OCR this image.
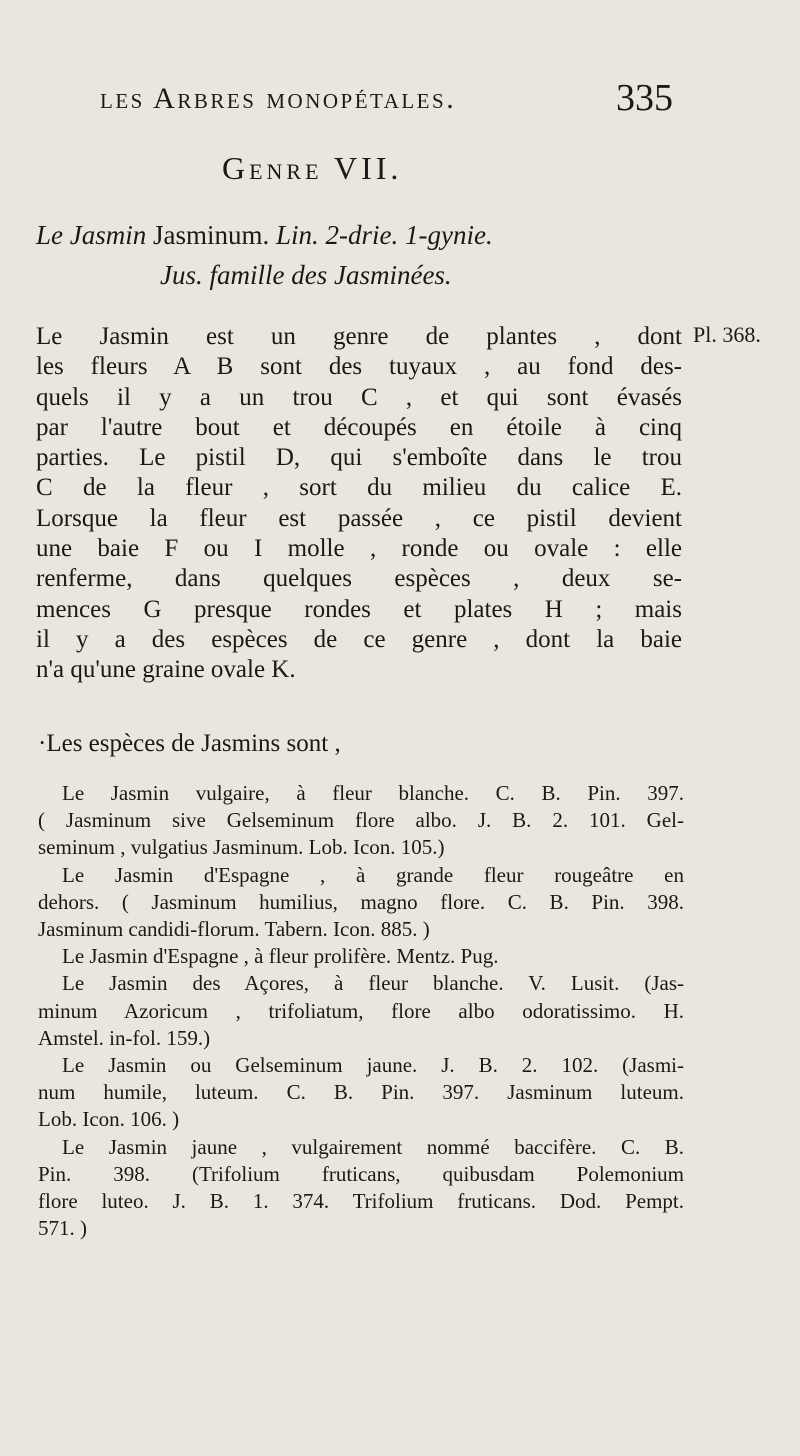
les Arbres monopétales.	335
Genre VII.
Le Jasmin Jasminum. Lin. 2-drie. 1-gynie.
Jus. famille des Jasminées.
Pl. 368.
Le Jasmin est un genre de plantes , dont
les fleurs A B sont des tuyaux , au fond des-
quels il y a un trou C , et qui sont évasés
par l'autre bout et découpés en étoile à cinq
parties. Le pistil D, qui s'emboîte dans le trou
C de la fleur , sort du milieu du calice E.
Lorsque la fleur est passée , ce pistil devient
une baie F ou I molle , ronde ou ovale : elle
renferme, dans quelques espèces , deux se-
mences G presque rondes et plates H ; mais
il y a des espèces de ce genre , dont la baie
n'a qu'une graine ovale K.
·Les espèces de Jasmins sont ,
Le Jasmin vulgaire, à fleur blanche. C. B. Pin. 397.
( Jasminum sive Gelseminum flore albo. J. B. 2. 101. Gel-
seminum , vulgatius Jasminum. Lob. Icon. 105.)
Le Jasmin d'Espagne , à grande fleur rougeâtre en
dehors. ( Jasminum humilius, magno flore. C. B. Pin. 398.
Jasminum candidi-florum. Tabern. Icon. 885. )
Le Jasmin d'Espagne , à fleur prolifère. Mentz. Pug.
Le Jasmin des Açores, à fleur blanche. V. Lusit. (Jas-
minum Azoricum , trifoliatum, flore albo odoratissimo. H.
Amstel. in-fol. 159.)
Le Jasmin ou Gelseminum jaune. J. B. 2. 102. (Jasmi-
num humile, luteum. C. B. Pin. 397. Jasminum luteum.
Lob. Icon. 106. )
Le Jasmin jaune , vulgairement nommé baccifère. C. B.
Pin. 398. (Trifolium fruticans, quibusdam Polemonium
flore luteo. J. B. 1. 374. Trifolium fruticans. Dod. Pempt.
571. )
